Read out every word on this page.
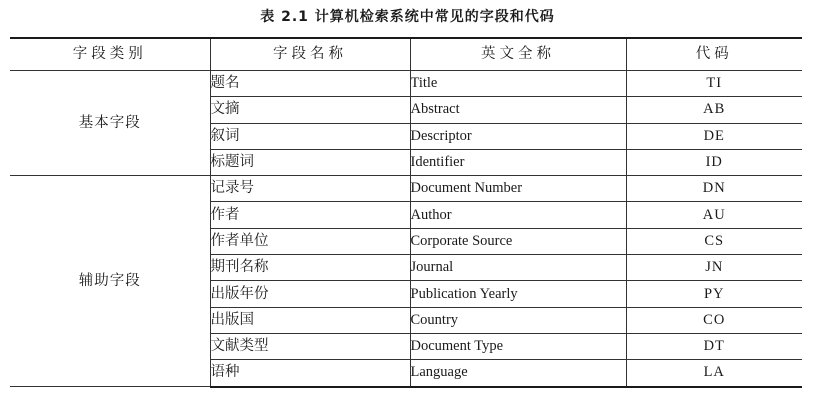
表 2.1 计算机检索系统中常见的字段和代码
字段类别	字段名称	英文全称	代码
基本字段	题名	Title	TI
	文摘	Abstract	AB
	叙词	Descriptor	DE
	标题词	Identifier	ID
辅助字段	记录号	Document Number	DN
	作者	Author	AU
	作者单位	Corporate Source	CS
	期刊名称	Journal	JN
	出版年份	Publication Yearly	PY
	出版国	Country	CO
	文献类型	Document Type	DT
	语种	Language	LA
